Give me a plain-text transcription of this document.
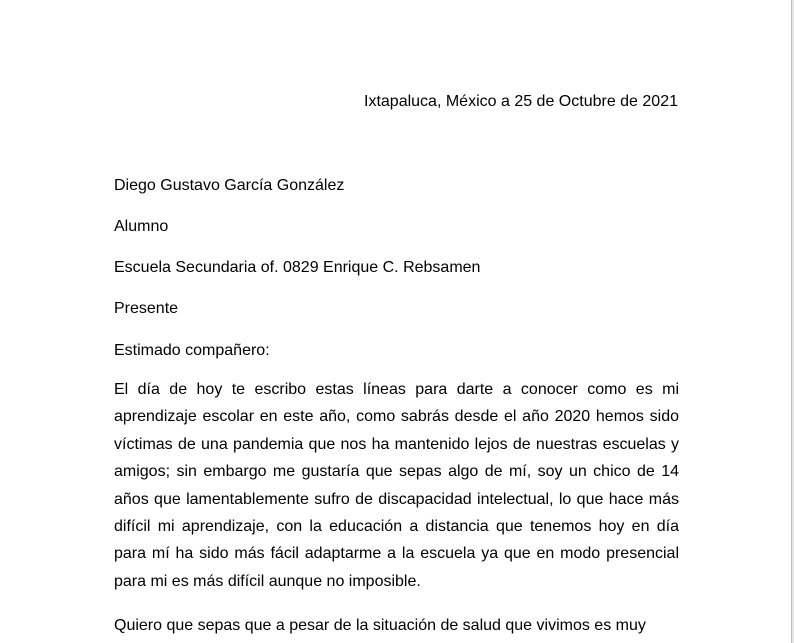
Ixtapaluca, México a 25 de Octubre de 2021
Diego Gustavo García González
Alumno
Escuela Secundaria of. 0829 Enrique C. Rebsamen
Presente
Estimado compañero:
El día de hoy te escribo estas líneas para darte a conocer como es mi aprendizaje escolar en este año, como sabrás desde el año 2020 hemos sido víctimas de una pandemia que nos ha mantenido lejos de nuestras escuelas y amigos; sin embargo me gustaría que sepas algo de mí, soy un chico de 14 años que lamentablemente sufro de discapacidad intelectual, lo que hace más difícil mi aprendizaje, con la educación a distancia que tenemos hoy en día para mí ha sido más fácil adaptarme a la escuela ya que en modo presencial para mi es más difícil aunque no imposible.
Quiero que sepas que a pesar de la situación de salud que vivimos es muy
